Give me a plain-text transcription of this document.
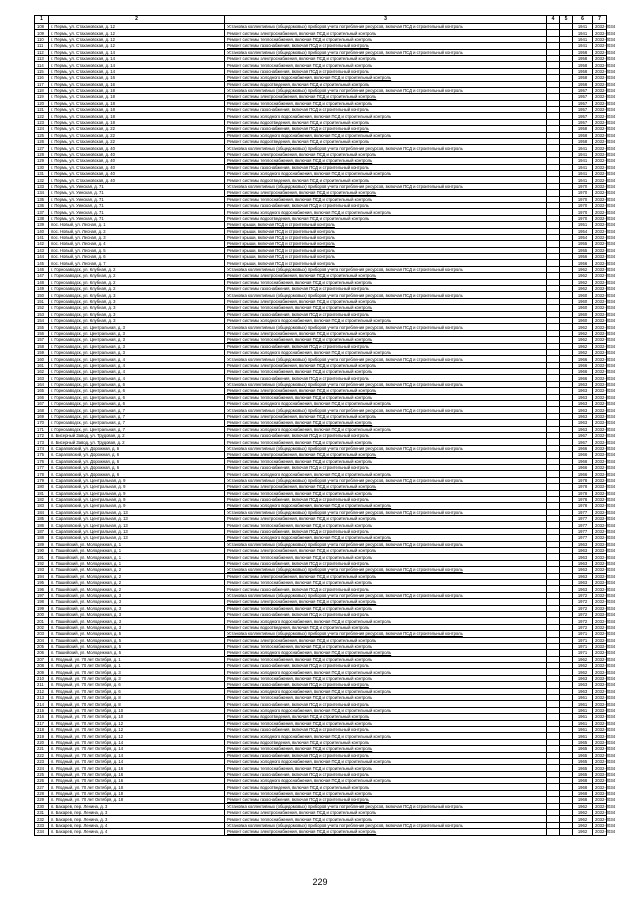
1	2	3	4	5	6	7
108	г. Пермь, ул. Стахановская, д. 12	Установка коллективных (общедомовых) приборов учета потребления ресурсов, включая ПСД и строительный контроль			1941	2032-2034
109	г. Пермь, ул. Стахановская, д. 12	Ремонт системы электроснабжения, включая ПСД и строительный контроль			1941	2032-2034
110	г. Пермь, ул. Стахановская, д. 12	Ремонт системы теплоснабжения, включая ПСД и строительный контроль			1941	2032-2034
111	г. Пермь, ул. Стахановская, д. 12	Ремонт системы газоснабжения, включая ПСД и строительный контроль			1941	2032-2034
112	г. Пермь, ул. Стахановская, д. 14	Установка коллективных (общедомовых) приборов учета потребления ресурсов, включая ПСД и строительный контроль			1958	2032-2034
113	г. Пермь, ул. Стахановская, д. 14	Ремонт системы электроснабжения, включая ПСД и строительный контроль			1958	2032-2034
114	г. Пермь, ул. Стахановская, д. 14	Ремонт системы теплоснабжения, включая ПСД и строительный контроль			1958	2032-2034
115	г. Пермь, ул. Стахановская, д. 14	Ремонт системы газоснабжения, включая ПСД и строительный контроль			1958	2032-2034
116	г. Пермь, ул. Стахановская, д. 16	Ремонт системы холодного водоснабжения, включая ПСД и строительный контроль			1958	2032-2034
117	г. Пермь, ул. Стахановская, д. 16	Ремонт системы водоотведения, включая ПСД и строительный контроль			1958	2032-2034
118	г. Пермь, ул. Стахановская, д. 18	Установка коллективных (общедомовых) приборов учета потребления ресурсов, включая ПСД и строительный контроль			1957	2032-2034
119	г. Пермь, ул. Стахановская, д. 18	Ремонт системы электроснабжения, включая ПСД и строительный контроль			1957	2032-2034
120	г. Пермь, ул. Стахановская, д. 18	Ремонт системы теплоснабжения, включая ПСД и строительный контроль			1957	2032-2034
121	г. Пермь, ул. Стахановская, д. 18	Ремонт системы газоснабжения, включая ПСД и строительный контроль			1957	2032-2034
122	г. Пермь, ул. Стахановская, д. 18	Ремонт системы холодного водоснабжения, включая ПСД и строительный контроль			1957	2032-2034
123	г. Пермь, ул. Стахановская, д. 18	Ремонт системы водоотведения, включая ПСД и строительный контроль			1957	2032-2034
124	г. Пермь, ул. Стахановская, д. 22	Ремонт системы газоснабжения, включая ПСД и строительный контроль			1958	2032-2034
125	г. Пермь, ул. Стахановская, д. 22	Ремонт системы холодного водоснабжения, включая ПСД и строительный контроль			1958	2032-2034
126	г. Пермь, ул. Стахановская, д. 22	Ремонт системы водоотведения, включая ПСД и строительный контроль			1958	2032-2034
127	г. Пермь, ул. Стахановская, д. 40	Установка коллективных (общедомовых) приборов учета потребления ресурсов, включая ПСД и строительный контроль			1941	2032-2034
128	г. Пермь, ул. Стахановская, д. 40	Ремонт системы электроснабжения, включая ПСД и строительный контроль			1941	2032-2034
129	г. Пермь, ул. Стахановская, д. 40	Ремонт системы теплоснабжения, включая ПСД и строительный контроль			1941	2032-2034
130	г. Пермь, ул. Стахановская, д. 40	Ремонт системы газоснабжения, включая ПСД и строительный контроль			1941	2032-2034
131	г. Пермь, ул. Стахановская, д. 40	Ремонт системы холодного водоснабжения, включая ПСД и строительный контроль			1941	2032-2034
132	г. Пермь, ул. Стахановская, д. 40	Ремонт системы водоотведения, включая ПСД и строительный контроль			1941	2032-2034
133	г. Пермь, ул. Уинская, д. 71	Установка коллективных (общедомовых) приборов учета потребления ресурсов, включая ПСД и строительный контроль			1970	2032-2034
134	г. Пермь, ул. Уинская, д. 71	Ремонт системы электроснабжения, включая ПСД и строительный контроль			1970	2032-2034
135	г. Пермь, ул. Уинская, д. 71	Ремонт системы теплоснабжения, включая ПСД и строительный контроль			1970	2032-2034
136	г. Пермь, ул. Уинская, д. 71	Ремонт системы газоснабжения, включая ПСД и строительный контроль			1970	2032-2034
137	г. Пермь, ул. Уинская, д. 71	Ремонт системы холодного водоснабжения, включая ПСД и строительный контроль			1970	2032-2034
138	г. Пермь, ул. Уинская, д. 71	Ремонт системы водоотведения, включая ПСД и строительный контроль			1970	2032-2034
139	пос. Новый, ул. Лесная, д. 1	Ремонт крыши, включая ПСД и строительный контроль			1951	2032-2034
140	пос. Новый, ул. Лесная, д. 2	Ремонт крыши, включая ПСД и строительный контроль			1954	2032-2034
141	пос. Новый, ул. Лесная, д. 3	Ремонт крыши, включая ПСД и строительный контроль			1954	2032-2034
142	пос. Новый, ул. Лесная, д. 4	Ремонт крыши, включая ПСД и строительный контроль			1955	2032-2034
143	пос. Новый, ул. Лесная, д. 5	Ремонт крыши, включая ПСД и строительный контроль			1955	2032-2034
144	пос. Новый, ул. Лесная, д. 6	Ремонт крыши, включая ПСД и строительный контроль			1956	2032-2034
145	пос. Новый, ул. Лесная, д. 7	Ремонт крыши, включая ПСД и строительный контроль			1956	2032-2034
146	г. Горнозаводск, ул. Клубная, д. 2	Установка коллективных (общедомовых) приборов учета потребления ресурсов, включая ПСД и строительный контроль			1962	2032-2034
147	г. Горнозаводск, ул. Клубная, д. 2	Ремонт системы электроснабжения, включая ПСД и строительный контроль			1962	2032-2034
148	г. Горнозаводск, ул. Клубная, д. 2	Ремонт системы теплоснабжения, включая ПСД и строительный контроль			1962	2032-2034
149	г. Горнозаводск, ул. Клубная, д. 2	Ремонт системы газоснабжения, включая ПСД и строительный контроль			1962	2032-2034
150	г. Горнозаводск, ул. Клубная, д. 3	Установка коллективных (общедомовых) приборов учета потребления ресурсов, включая ПСД и строительный контроль			1960	2032-2034
151	г. Горнозаводск, ул. Клубная, д. 3	Ремонт системы электроснабжения, включая ПСД и строительный контроль			1960	2032-2034
152	г. Горнозаводск, ул. Клубная, д. 3	Ремонт системы теплоснабжения, включая ПСД и строительный контроль			1960	2032-2034
153	г. Горнозаводск, ул. Клубная, д. 3	Ремонт системы газоснабжения, включая ПСД и строительный контроль			1960	2032-2034
154	г. Горнозаводск, ул. Клубная, д. 3	Ремонт системы холодного водоснабжения, включая ПСД и строительный контроль			1960	2032-2034
155	г. Горнозаводск, ул. Центральная, д. 3	Установка коллективных (общедомовых) приборов учета потребления ресурсов, включая ПСД и строительный контроль			1962	2032-2034
156	г. Горнозаводск, ул. Центральная, д. 3	Ремонт системы электроснабжения, включая ПСД и строительный контроль			1962	2032-2034
157	г. Горнозаводск, ул. Центральная, д. 3	Ремонт системы теплоснабжения, включая ПСД и строительный контроль			1962	2032-2034
158	г. Горнозаводск, ул. Центральная, д. 3	Ремонт системы газоснабжения, включая ПСД и строительный контроль			1962	2032-2034
159	г. Горнозаводск, ул. Центральная, д. 3	Ремонт системы холодного водоснабжения, включая ПСД и строительный контроль			1962	2032-2034
160	г. Горнозаводск, ул. Центральная, д. 4	Установка коллективных (общедомовых) приборов учета потребления ресурсов, включая ПСД и строительный контроль			1966	2032-2034
161	г. Горнозаводск, ул. Центральная, д. 4	Ремонт системы электроснабжения, включая ПСД и строительный контроль			1966	2032-2034
162	г. Горнозаводск, ул. Центральная, д. 4	Ремонт системы теплоснабжения, включая ПСД и строительный контроль			1966	2032-2034
163	г. Горнозаводск, ул. Центральная, д. 4	Ремонт системы газоснабжения, включая ПСД и строительный контроль			1966	2032-2034
164	г. Горнозаводск, ул. Центральная, д. 6	Установка коллективных (общедомовых) приборов учета потребления ресурсов, включая ПСД и строительный контроль			1963	2032-2034
165	г. Горнозаводск, ул. Центральная, д. 6	Ремонт системы электроснабжения, включая ПСД и строительный контроль			1963	2032-2034
166	г. Горнозаводск, ул. Центральная, д. 6	Ремонт системы теплоснабжения, включая ПСД и строительный контроль			1963	2032-2034
167	г. Горнозаводск, ул. Центральная, д. 6	Ремонт системы холодного водоснабжения, включая ПСД и строительный контроль			1963	2032-2034
168	г. Горнозаводск, ул. Центральная, д. 7	Установка коллективных (общедомовых) приборов учета потребления ресурсов, включая ПСД и строительный контроль			1963	2032-2034
169	г. Горнозаводск, ул. Центральная, д. 7	Ремонт системы электроснабжения, включая ПСД и строительный контроль			1963	2032-2034
170	г. Горнозаводск, ул. Центральная, д. 7	Ремонт системы теплоснабжения, включая ПСД и строительный контроль			1963	2032-2034
171	г. Горнозаводск, ул. Центральная, д. 7	Ремонт системы холодного водоснабжения, включая ПСД и строительный контроль			1963	2032-2034
172	п. Бисерный Завод, ул. Трудовая, д. 2	Ремонт системы газоснабжения, включая ПСД и строительный контроль			1967	2032-2034
173	п. Бисерный Завод, ул. Трудовая, д. 2	Ремонт системы теплоснабжения, включая ПСД и строительный контроль			1967	2032-2034
174	п. Сараповский, ул. Дорожная, д. 6	Установка коллективных (общедомовых) приборов учета потребления ресурсов, включая ПСД и строительный контроль			1966	2032-2034
175	п. Сараповский, ул. Дорожная, д. 6	Ремонт системы электроснабжения, включая ПСД и строительный контроль			1966	2032-2034
176	п. Сараповский, ул. Дорожная, д. 6	Ремонт системы теплоснабжения, включая ПСД и строительный контроль			1966	2032-2034
177	п. Сараповский, ул. Дорожная, д. 6	Ремонт системы газоснабжения, включая ПСД и строительный контроль			1966	2032-2034
178	п. Сараповский, ул. Дорожная, д. 6	Ремонт системы холодного водоснабжения, включая ПСД и строительный контроль			1966	2032-2034
179	п. Сараповский, ул. Центральная, д. 9	Установка коллективных (общедомовых) приборов учета потребления ресурсов, включая ПСД и строительный контроль			1978	2032-2034
180	п. Сараповский, ул. Центральная, д. 9	Ремонт системы электроснабжения, включая ПСД и строительный контроль			1978	2032-2034
181	п. Сараповский, ул. Центральная, д. 9	Ремонт системы теплоснабжения, включая ПСД и строительный контроль			1978	2032-2034
182	п. Сараповский, ул. Центральная, д. 9	Ремонт системы газоснабжения, включая ПСД и строительный контроль			1978	2032-2034
183	п. Сараповский, ул. Центральная, д. 9	Ремонт системы холодного водоснабжения, включая ПСД и строительный контроль			1978	2032-2034
184	п. Сараповский, ул. Центральная, д. 13	Установка коллективных (общедомовых) приборов учета потребления ресурсов, включая ПСД и строительный контроль			1977	2032-2034
185	п. Сараповский, ул. Центральная, д. 13	Ремонт системы электроснабжения, включая ПСД и строительный контроль			1977	2032-2034
186	п. Сараповский, ул. Центральная, д. 13	Ремонт системы теплоснабжения, включая ПСД и строительный контроль			1977	2032-2034
187	п. Сараповский, ул. Центральная, д. 13	Ремонт системы газоснабжения, включая ПСД и строительный контроль			1977	2032-2034
188	п. Сараповский, ул. Центральная, д. 13	Ремонт системы холодного водоснабжения, включая ПСД и строительный контроль			1977	2032-2034
189	п. Пашийский, ул. Молодежная, д. 1	Установка коллективных (общедомовых) приборов учета потребления ресурсов, включая ПСД и строительный контроль			1963	2032-2034
190	п. Пашийский, ул. Молодежная, д. 1	Ремонт системы электроснабжения, включая ПСД и строительный контроль			1963	2032-2034
191	п. Пашийский, ул. Молодежная, д. 1	Ремонт системы теплоснабжения, включая ПСД и строительный контроль			1963	2032-2034
192	п. Пашийский, ул. Молодежная, д. 1	Ремонт системы газоснабжения, включая ПСД и строительный контроль			1963	2032-2034
193	п. Пашийский, ул. Молодежная, д. 2	Установка коллективных (общедомовых) приборов учета потребления ресурсов, включая ПСД и строительный контроль			1963	2032-2034
194	п. Пашийский, ул. Молодежная, д. 2	Ремонт системы электроснабжения, включая ПСД и строительный контроль			1963	2032-2034
195	п. Пашийский, ул. Молодежная, д. 2	Ремонт системы теплоснабжения, включая ПСД и строительный контроль			1963	2032-2034
196	п. Пашийский, ул. Молодежная, д. 2	Ремонт системы газоснабжения, включая ПСД и строительный контроль			1963	2032-2034
197	п. Пашийский, ул. Молодежная, д. 3	Установка коллективных (общедомовых) приборов учета потребления ресурсов, включая ПСД и строительный контроль			1972	2032-2034
198	п. Пашийский, ул. Молодежная, д. 3	Ремонт системы электроснабжения, включая ПСД и строительный контроль			1972	2032-2034
199	п. Пашийский, ул. Молодежная, д. 3	Ремонт системы теплоснабжения, включая ПСД и строительный контроль			1972	2032-2034
200	п. Пашийский, ул. Молодежная, д. 3	Ремонт системы газоснабжения, включая ПСД и строительный контроль			1972	2032-2034
201	п. Пашийский, ул. Молодежная, д. 3	Ремонт системы холодного водоснабжения, включая ПСД и строительный контроль			1972	2032-2034
202	п. Пашийский, ул. Молодежная, д. 3	Ремонт системы водоотведения, включая ПСД и строительный контроль			1972	2032-2034
203	п. Пашийский, ул. Молодежная, д. 5	Установка коллективных (общедомовых) приборов учета потребления ресурсов, включая ПСД и строительный контроль			1971	2032-2034
204	п. Пашийский, ул. Молодежная, д. 5	Ремонт системы электроснабжения, включая ПСД и строительный контроль			1971	2032-2034
205	п. Пашийский, ул. Молодежная, д. 5	Ремонт системы теплоснабжения, включая ПСД и строительный контроль			1971	2032-2034
206	п. Пашийский, ул. Молодежная, д. 5	Ремонт системы холодного водоснабжения, включая ПСД и строительный контроль			1971	2032-2034
207	п. Ягодный, ул. 70 лет Октября, д. 1	Ремонт системы теплоснабжения, включая ПСД и строительный контроль			1962	2032-2034
208	п. Ягодный, ул. 70 лет Октября, д. 1	Ремонт системы газоснабжения, включая ПСД и строительный контроль			1962	2032-2034
209	п. Ягодный, ул. 70 лет Октября, д. 3	Ремонт системы холодного водоснабжения, включая ПСД и строительный контроль			1962	2032-2034
210	п. Ягодный, ул. 70 лет Октября, д. 3	Ремонт системы теплоснабжения, включая ПСД и строительный контроль			1963	2032-2034
211	п. Ягодный, ул. 70 лет Октября, д. 6	Ремонт системы газоснабжения, включая ПСД и строительный контроль			1963	2032-2034
212	п. Ягодный, ул. 70 лет Октября, д. 6	Ремонт системы холодного водоснабжения, включая ПСД и строительный контроль			1963	2032-2034
213	п. Ягодный, ул. 70 лет Октября, д. 8	Ремонт системы теплоснабжения, включая ПСД и строительный контроль			1961	2032-2034
214	п. Ягодный, ул. 70 лет Октября, д. 8	Ремонт системы газоснабжения, включая ПСД и строительный контроль			1961	2032-2034
215	п. Ягодный, ул. 70 лет Октября, д. 10	Ремонт системы холодного водоснабжения, включая ПСД и строительный контроль			1961	2032-2034
216	п. Ягодный, ул. 70 лет Октября, д. 10	Ремонт системы водоотведения, включая ПСД и строительный контроль			1961	2032-2034
217	п. Ягодный, ул. 70 лет Октября, д. 12	Ремонт системы теплоснабжения, включая ПСД и строительный контроль			1961	2032-2034
218	п. Ягодный, ул. 70 лет Октября, д. 12	Ремонт системы газоснабжения, включая ПСД и строительный контроль			1961	2032-2034
219	п. Ягодный, ул. 70 лет Октября, д. 12	Ремонт системы холодного водоснабжения, включая ПСД и строительный контроль			1961	2032-2034
220	п. Ягодный, ул. 70 лет Октября, д. 14	Ремонт системы водоотведения, включая ПСД и строительный контроль			1965	2032-2034
221	п. Ягодный, ул. 70 лет Октября, д. 14	Ремонт системы теплоснабжения, включая ПСД и строительный контроль			1965	2032-2034
222	п. Ягодный, ул. 70 лет Октября, д. 14	Ремонт системы газоснабжения, включая ПСД и строительный контроль			1965	2032-2034
223	п. Ягодный, ул. 70 лет Октября, д. 14	Ремонт системы холодного водоснабжения, включая ПСД и строительный контроль			1965	2032-2034
224	п. Ягодный, ул. 70 лет Октября, д. 16	Ремонт системы теплоснабжения, включая ПСД и строительный контроль			1965	2032-2034
225	п. Ягодный, ул. 70 лет Октября, д. 16	Ремонт системы газоснабжения, включая ПСД и строительный контроль			1965	2032-2034
226	п. Ягодный, ул. 70 лет Октября, д. 16	Ремонт системы холодного водоснабжения, включая ПСД и строительный контроль			1968	2032-2034
227	п. Ягодный, ул. 70 лет Октября, д. 18	Ремонт системы водоотведения, включая ПСД и строительный контроль			1968	2032-2034
228	п. Ягодный, ул. 70 лет Октября, д. 18	Ремонт системы теплоснабжения, включая ПСД и строительный контроль			1968	2032-2034
229	п. Ягодный, ул. 70 лет Октября, д. 18	Ремонт системы газоснабжения, включая ПСД и строительный контроль			1968	2032-2034
230	п. Бахарев, пер. Ленина, д. 3	Установка коллективных (общедомовых) приборов учета потребления ресурсов, включая ПСД и строительный контроль			1962	2032-2034
231	п. Бахарев, пер. Ленина, д. 3	Ремонт системы электроснабжения, включая ПСД и строительный контроль			1962	2032-2034
232	п. Бахарев, пер. Ленина, д. 3	Ремонт системы теплоснабжения, включая ПСД и строительный контроль			1962	2032-2034
233	п. Бахарев, пер. Ленина, д. 4	Установка коллективных (общедомовых) приборов учета потребления ресурсов, включая ПСД и строительный контроль			1962	2032-2034
234	п. Бахарев, пер. Ленина, д. 4	Ремонт системы электроснабжения, включая ПСД и строительный контроль			1962	2032-2034
229
